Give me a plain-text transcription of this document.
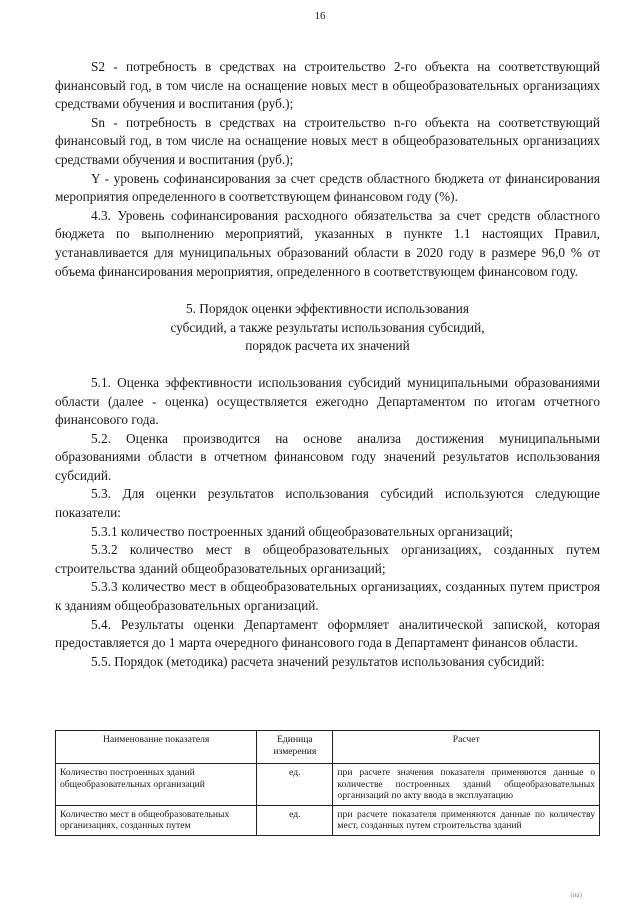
16

S2 - потребность в средствах на строительство 2-го объекта на соответствующий финансовый год, в том числе на оснащение новых мест в общеобразовательных организациях средствами обучения и воспитания (руб.);

Sn - потребность в средствах на строительство n-го объекта на соответствующий финансовый год, в том числе на оснащение новых мест в общеобразовательных организациях средствами обучения и воспитания (руб.);

Y - уровень софинансирования за счет средств областного бюджета от финансирования мероприятия определенного в соответствующем финансовом году (%).

4.3. Уровень софинансирования расходного обязательства за счет средств областного бюджета по выполнению мероприятий, указанных в пункте 1.1 настоящих Правил, устанавливается для муниципальных образований области в 2020 году в размере 96,0 % от объема финансирования мероприятия, определенного в соответствующем финансовом году.

5. Порядок оценки эффективности использования
субсидий, а также результаты использования субсидий,
порядок расчета их значений

5.1. Оценка эффективности использования субсидий муниципальными образованиями области (далее - оценка) осуществляется ежегодно Департаментом по итогам отчетного финансового года.

5.2. Оценка производится на основе анализа достижения муниципальными образованиями области в отчетном финансовом году значений результатов использования субсидий.

5.3. Для оценки результатов использования субсидий используются следующие показатели:

5.3.1 количество построенных зданий общеобразовательных организаций;

5.3.2 количество мест в общеобразовательных организациях, созданных путем строительства зданий общеобразовательных организаций;

5.3.3 количество мест в общеобразовательных организациях, созданных путем пристроя к зданиям общеобразовательных организаций.

5.4. Результаты оценки Департамент оформляет аналитической запиской, которая предоставляется до 1 марта очередного финансового года в Департамент финансов области.

5.5. Порядок (методика) расчета значений результатов использования субсидий:

Наименование показателя	Единица измерения	Расчет
Количество построенных зданий общеобразовательных организаций	ед.	при расчете значения показателя применяются данные о количестве построенных зданий общеобразовательных организаций по акту ввода в эксплуатацию
Количество мест в общеобразовательных организациях, созданных путем	ед.	при расчете показателя применяются данные по количеству мест, созданных путем строительства зданий
(иа)
